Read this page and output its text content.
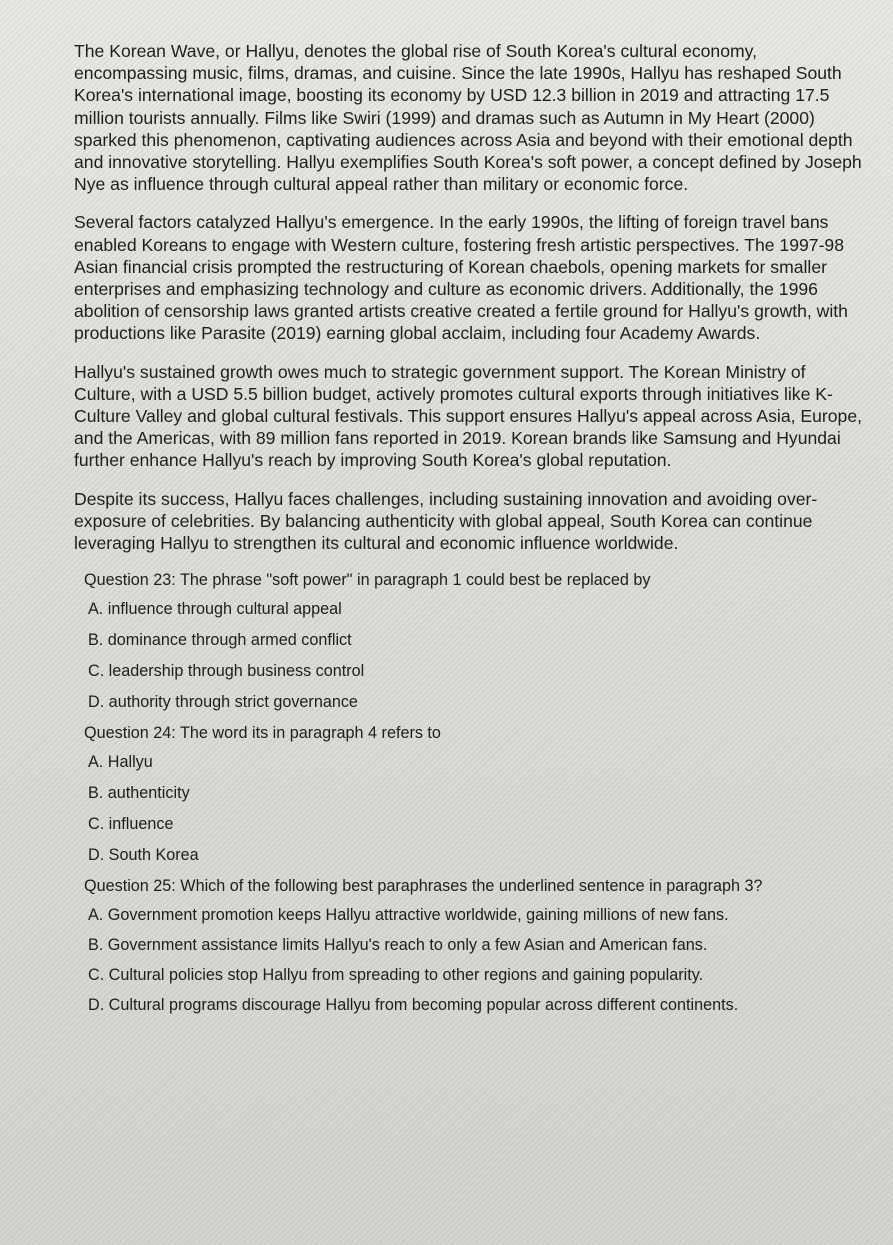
The Korean Wave, or Hallyu, denotes the global rise of South Korea's cultural economy, encompassing music, films, dramas, and cuisine. Since the late 1990s, Hallyu has reshaped South Korea's international image, boosting its economy by USD 12.3 billion in 2019 and attracting 17.5 million tourists annually. Films like Swiri (1999) and dramas such as Autumn in My Heart (2000) sparked this phenomenon, captivating audiences across Asia and beyond with their emotional depth and innovative storytelling. Hallyu exemplifies South Korea's soft power, a concept defined by Joseph Nye as influence through cultural appeal rather than military or economic force.

Several factors catalyzed Hallyu's emergence. In the early 1990s, the lifting of foreign travel bans enabled Koreans to engage with Western culture, fostering fresh artistic perspectives. The 1997-98 Asian financial crisis prompted the restructuring of Korean chaebols, opening markets for smaller enterprises and emphasizing technology and culture as economic drivers. Additionally, the 1996 abolition of censorship laws granted artists creative created a fertile ground for Hallyu's growth, with productions like Parasite (2019) earning global acclaim, including four Academy Awards.

Hallyu's sustained growth owes much to strategic government support. The Korean Ministry of Culture, with a USD 5.5 billion budget, actively promotes cultural exports through initiatives like K-Culture Valley and global cultural festivals. This support ensures Hallyu's appeal across Asia, Europe, and the Americas, with 89 million fans reported in 2019. Korean brands like Samsung and Hyundai further enhance Hallyu's reach by improving South Korea's global reputation.

Despite its success, Hallyu faces challenges, including sustaining innovation and avoiding over-exposure of celebrities. By balancing authenticity with global appeal, South Korea can continue leveraging Hallyu to strengthen its cultural and economic influence worldwide.

Question 23: The phrase "soft power" in paragraph 1 could best be replaced by

A. influence through cultural appeal

B. dominance through armed conflict

C. leadership through business control

D. authority through strict governance

Question 24: The word its in paragraph 4 refers to

A. Hallyu

B. authenticity

C. influence

D. South Korea

Question 25: Which of the following best paraphrases the underlined sentence in paragraph 3?

A. Government promotion keeps Hallyu attractive worldwide, gaining millions of new fans.

B. Government assistance limits Hallyu's reach to only a few Asian and American fans.

C. Cultural policies stop Hallyu from spreading to other regions and gaining popularity.

D. Cultural programs discourage Hallyu from becoming popular across different continents.
